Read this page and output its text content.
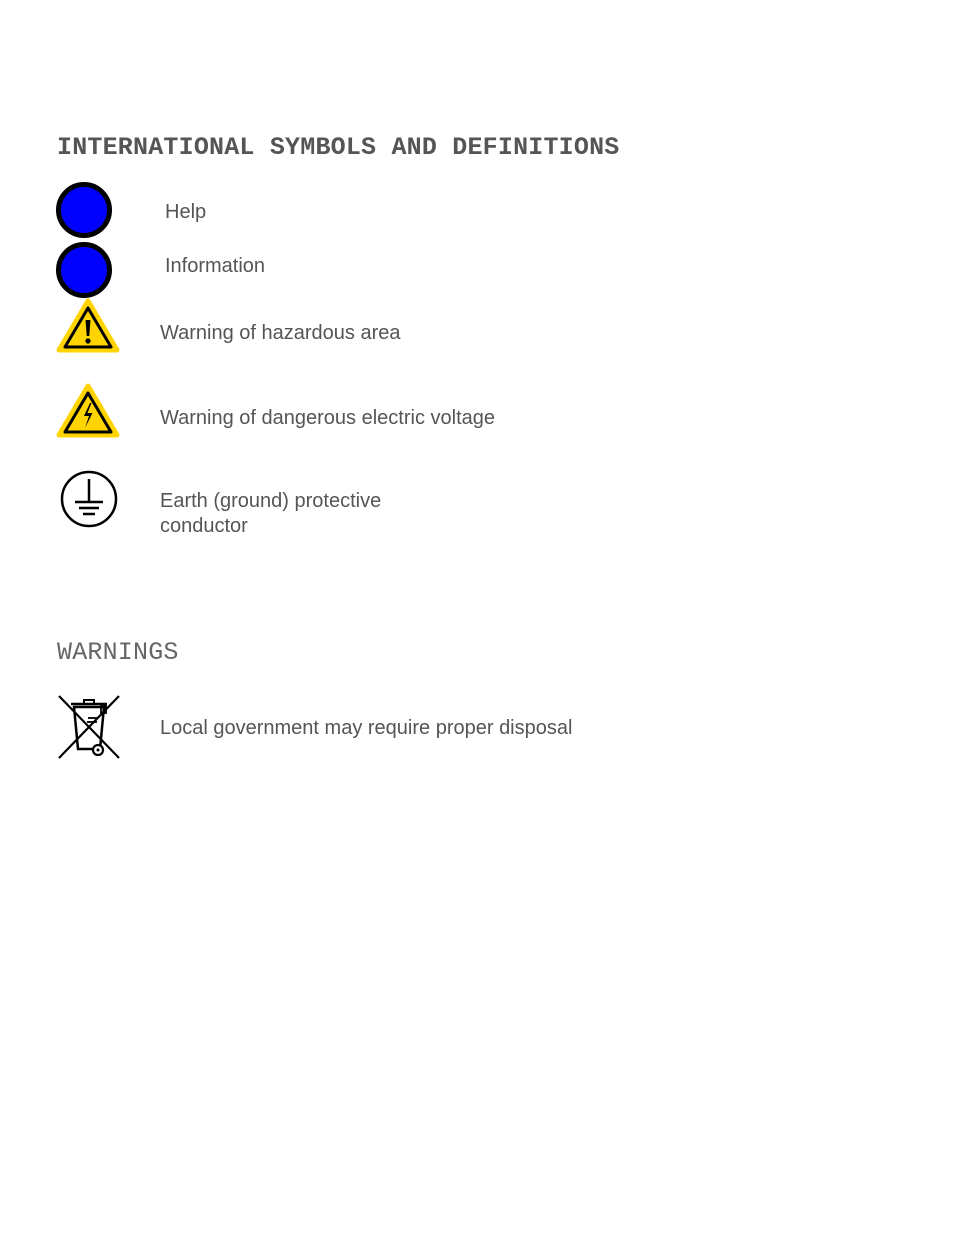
INTERNATIONAL SYMBOLS AND DEFINITIONS
Help
Information
Warning of hazardous area
Warning of dangerous electric voltage
Earth (ground) protective
conductor
WARNINGS
Local government may require proper disposal
